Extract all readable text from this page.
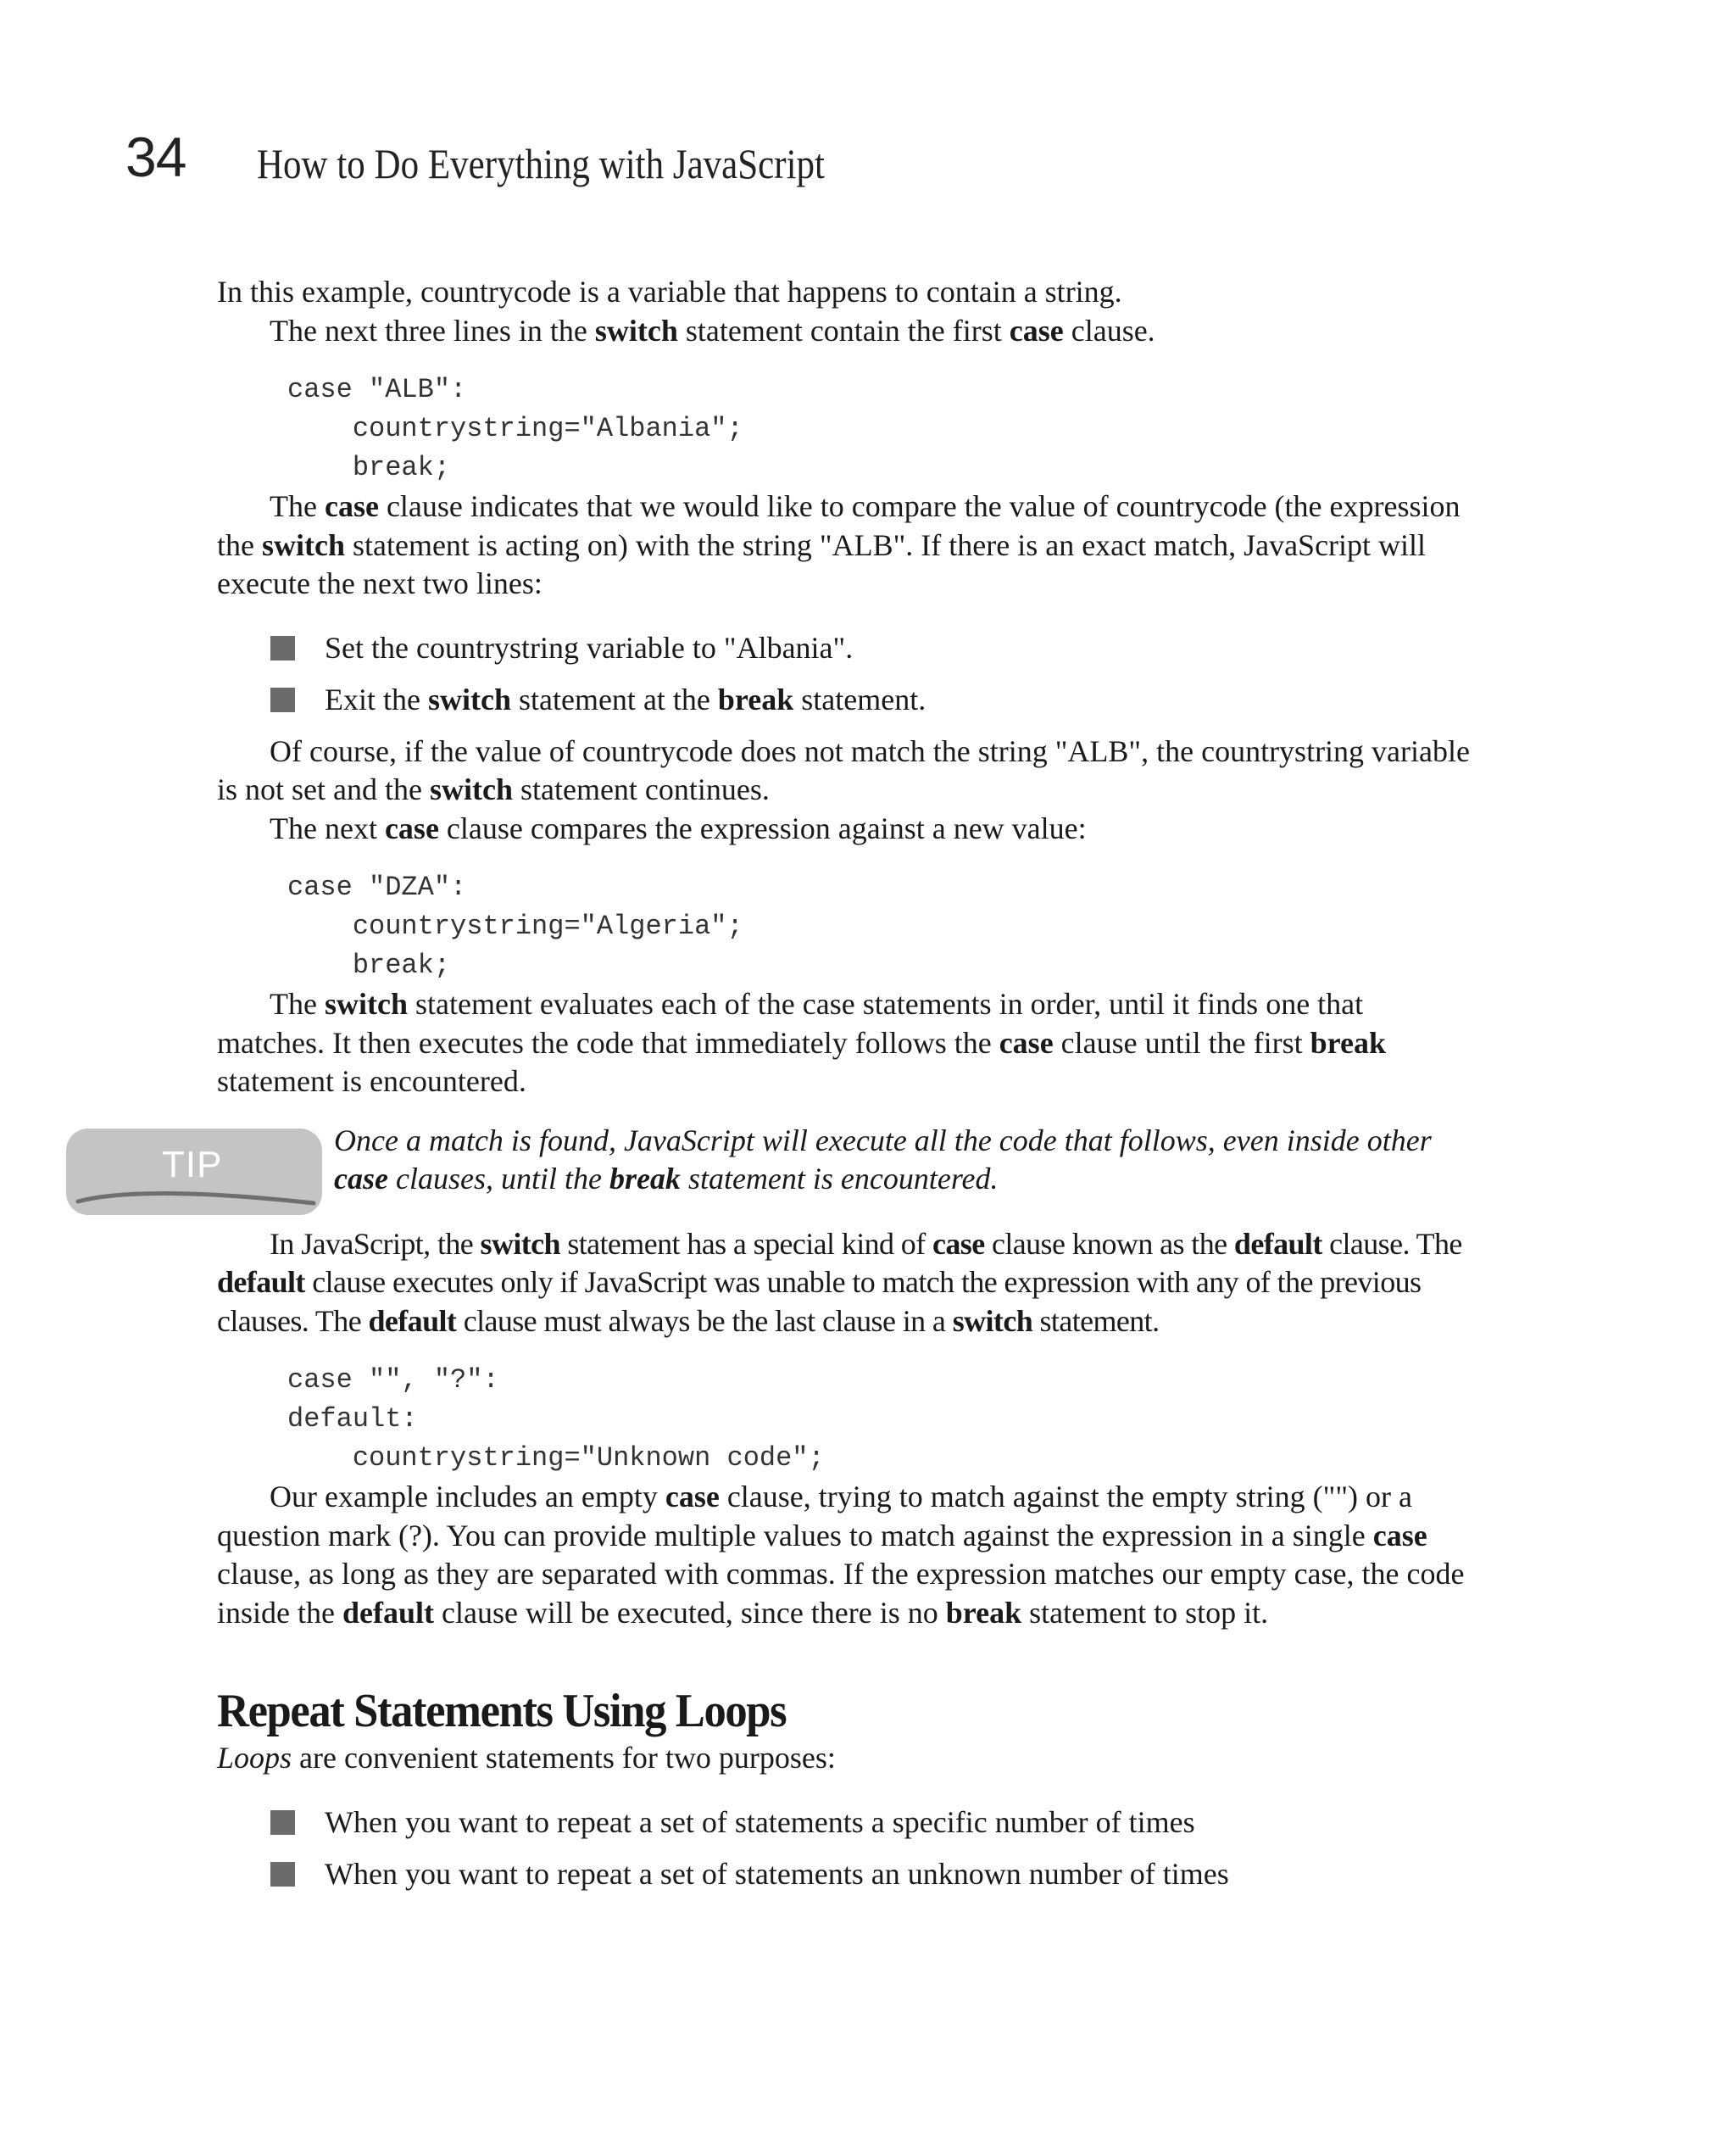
34 How to Do Everything with JavaScript

In this example, countrycode is a variable that happens to contain a string.

The next three lines in the switch statement contain the first case clause.

case "ALB":
countrystring="Albania";
break;

The case clause indicates that we would like to compare the value of countrycode (the expression the switch statement is acting on) with the string "ALB". If there is an exact match, JavaScript will execute the next two lines:

Set the countrystring variable to "Albania".
Exit the switch statement at the break statement.

Of course, if the value of countrycode does not match the string "ALB", the countrystring variable is not set and the switch statement continues.

The next case clause compares the expression against a new value:

case "DZA":
countrystring="Algeria";
break;

The switch statement evaluates each of the case statements in order, until it finds one that matches. It then executes the code that immediately follows the case clause until the first break statement is encountered.

TIP
Once a match is found, JavaScript will execute all the code that follows, even inside other case clauses, until the break statement is encountered.

In JavaScript, the switch statement has a special kind of case clause known as the default clause. The default clause executes only if JavaScript was unable to match the expression with any of the previous clauses. The default clause must always be the last clause in a switch statement.

case "", "?":
default:
countrystring="Unknown code";

Our example includes an empty case clause, trying to match against the empty string ("") or a question mark (?). You can provide multiple values to match against the expression in a single case clause, as long as they are separated with commas. If the expression matches our empty case, the code inside the default clause will be executed, since there is no break statement to stop it.

Repeat Statements Using Loops

Loops are convenient statements for two purposes:

When you want to repeat a set of statements a specific number of times
When you want to repeat a set of statements an unknown number of times
